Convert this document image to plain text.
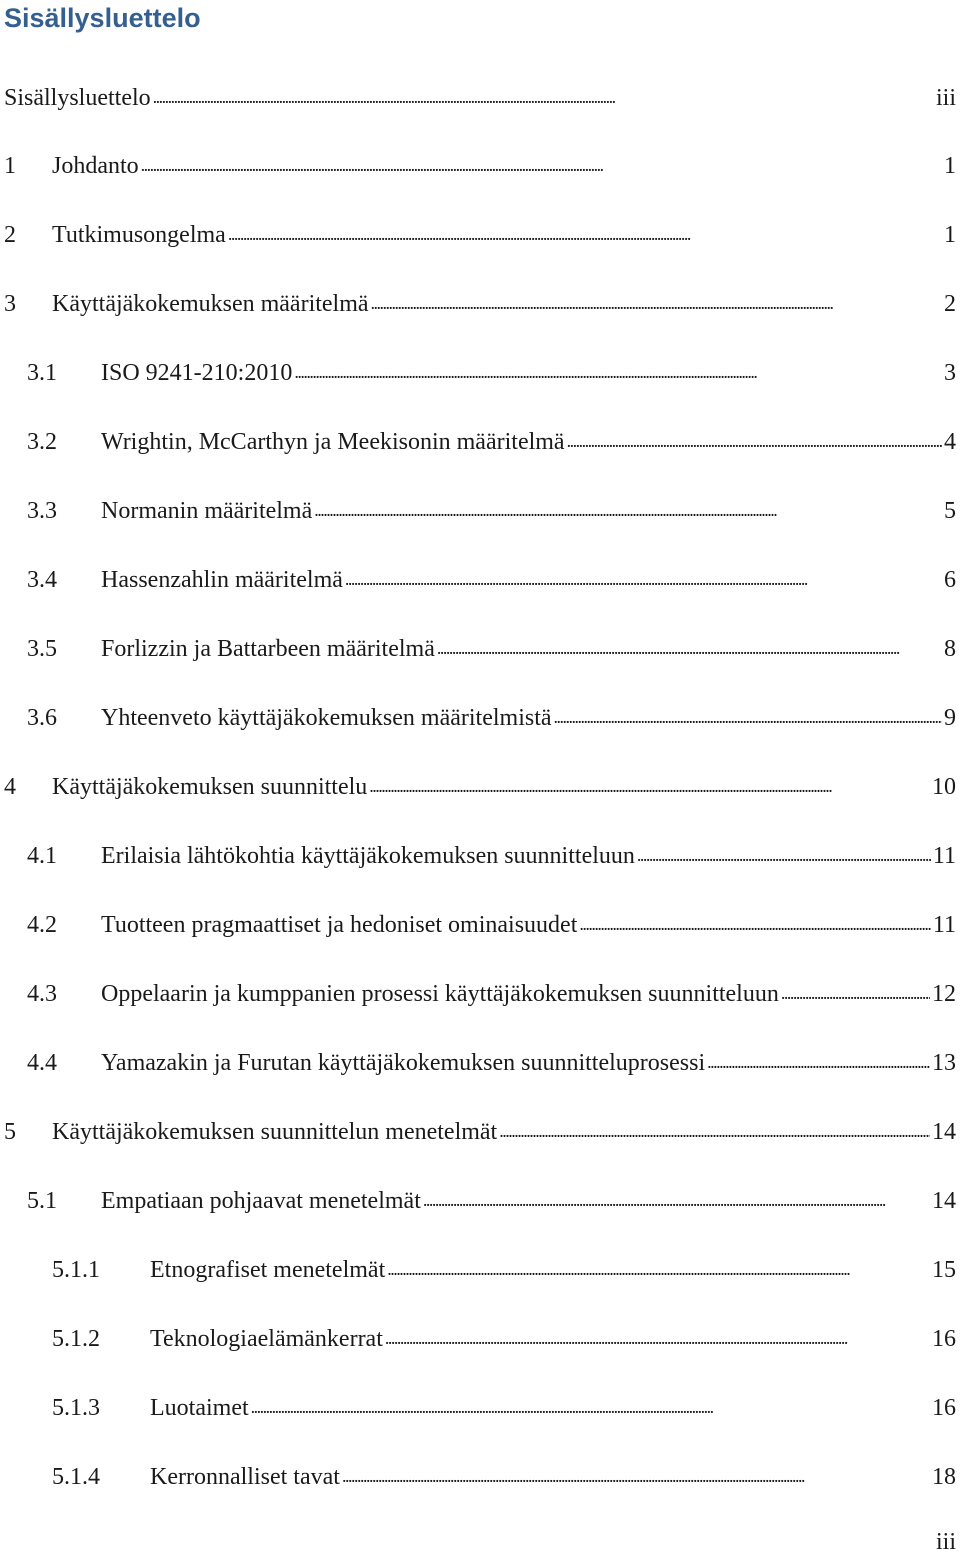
Sisällysluettelo
Sisällysluettelo . . .	iii
1	Johdanto . . .	1
2	Tutkimusongelma . . .	1
3	Käyttäjäkokemuksen määritelmä . . .	2
3.1	ISO 9241-210:2010 . . .	3
3.2	Wrightin, McCarthyn ja Meekisonin määritelmä . . .	4
3.3	Normanin määritelmä . . .	5
3.4	Hassenzahlin määritelmä . . .	6
3.5	Forlizzin ja Battarbeen määritelmä . . .	8
3.6	Yhteenveto käyttäjäkokemuksen määritelmistä . . .	9
4	Käyttäjäkokemuksen suunnittelu . . .	10
4.1	Erilaisia lähtökohtia käyttäjäkokemuksen suunnitteluun . . .	11
4.2	Tuotteen pragmaattiset ja hedoniset ominaisuudet . . .	11
4.3	Oppelaarin ja kumppanien prosessi käyttäjäkokemuksen suunnitteluun . . .	12
4.4	Yamazakin ja Furutan käyttäjäkokemuksen suunnitteluprosessi . . .	13
5	Käyttäjäkokemuksen suunnittelun menetelmät . . .	14
5.1	Empatiaan pohjaavat menetelmät . . .	14
5.1.1	Etnografiset menetelmät . . .	15
5.1.2	Teknologiaelämänkerrat . . .	16
5.1.3	Luotaimet . . .	16
5.1.4	Kerronnalliset tavat . . .	18
iii
